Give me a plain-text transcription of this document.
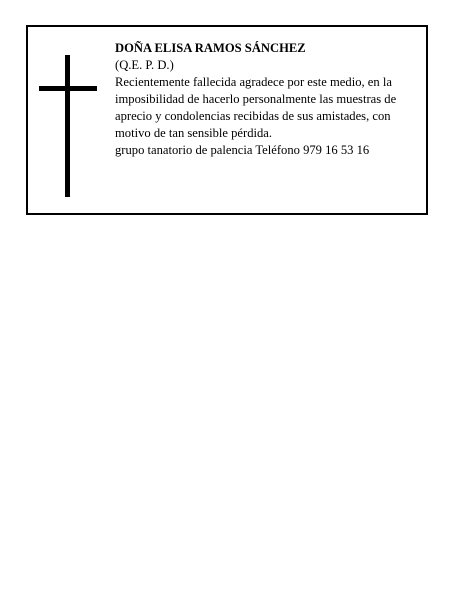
DOÑA ELISA RAMOS SÁNCHEZ

(Q.E. P. D.)

Recientemente fallecida agradece por este medio, en la imposibilidad de hacerlo personalmente las muestras de aprecio y condolencias recibidas de sus amistades, con motivo de tan sensible pérdida.

grupo tanatorio de palencia Teléfono 979 16 53 16
